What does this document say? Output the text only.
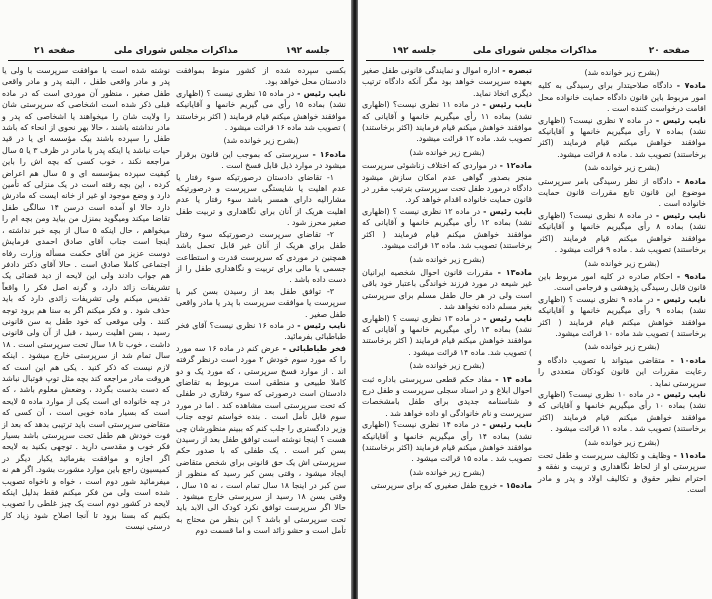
جلسه ۱۹۲
مذاکرات مجلس شورای ملی
صفحه ۲۱

بکسی سپرده شده از کشور منوط بموافقت دادستان محل خواهد بود.

نایب رئیس - در ماده ۱۵ نظری نیست ؟ (اظهاری نشد) بماده ۱۵ رأی می گیریم خانمها و آقایانیکه موافقند خواهش میکنم قیام فرمایند ( اکثر برخاستند ) تصویب شد ماده ۱۶ قرائت میشود .

(بشرح زیر خوانده شد)

ماده۱۶ - سرپرستی که بموجب این قانون برقرار میشود در موارد ذیل قابل فسخ است .

۱- تقاضای دادستان درصورتیکه سوء رفتار یا عدم اهلیت یا شایستگی سرپرست و درصورتیکه مشارالیه دارای همسر باشد سوء رفتار یا عدم اهلیت هریک از آنان برای نگاهداری و تربیت طفل صغیر محرز شود .

۲- تقاضای سرپرست درصورتیکه سوء رفتار طفل برای هریک از آنان غیر قابل تحمل باشد همچنین در موردی که سرپرست قدرت و استطاعت جسمی یا مالی برای تربیت و نگاهداری طفل را از دست داده باشد .

۳- توافق طفل بعد از رسیدن بسن کبر با سرپرست یا موافقت سرپرست با پدر یا مادر واقعی طفل صغیر .

نایب رئیس - در ماده ۱۶ نظری نیست؟ آقای فخر طباطبائی بفرمائید.

فخر طباطبائی - عرض کنم در ماده ۱۶ سه مورد را که مورد سوم خودش ۲ مورد است درنظر گرفته اند . از موارد فسخ سرپرستی ، که مورد یک و دو کاملا طبیعی و منطقی است مربوط به تقاضای دادستان است درصورتی که سوء رفتاری در طفلی که تحت سرپرستی است مشاهده کند . اما در مورد سوم قابل تأمل است . بنده خواستم توجه جناب وزیر دادگستری را جلب کنم که ببینم منظورشان چی هست ؟ اینجا نوشته است توافق طفل بعد از رسیدن بسن کبر است . یک طفلی که با صدور حکم سرپرستی اش یک حق قانونی برای شخص متقاضی ایجاد میشود ، وقتی بسن کبر رسید که منظور از سن کبر در اینجا ۱۸ سال تمام است ، نه ۱۵ سال ، وقتی بسن ۱۸ رسید از سرپرستی خارج میشود . حالا اگر سرپرست توافق نکرد کودک الی الابد باید تحت سرپرستی او باشد ؟ این بنظر من محتاج به تأمل است و حشو زائد است و اما قسمت دوم

نوشته شده است با موافقت سرپرست با ولی یا پدر و مادر واقعی طفل ، البته پدر و مادر واقعی طفل صغیر ، منظور آن موردی است که در ماده قبلی ذکر شده است اشخاصی که سرپرستی شان را ولایت شان را میخواهند یا اشخاصی که پدر و مادر نداشته باشند ، حالا بهر نحوی از انحاء که باشد طفل را سپرده باشند بیک مؤسسه ای یا در قید حیات نباشد یا اینکه پدر یا مادر در ظرف ۳ یا ۵ سال مراجعه نکند ، خوب کسی که بچه اش را باین کیفیت سپرده بمؤسسه ای و ۵ سال هم اعراض کرده ، این بچه رفته است در یک منزلی که تأمین دارد و وضع موجود او غیر از خانه ایست که مادرش دارد حالا او آمده است درسن ۱۴ سالگی طفل تقاضا میکند ومیگوید بمنزل من بیاید ومن بچه ام را میخواهم ، حال اینکه ۵ سال از بچه خبر نداشته ، اینجا است جناب آقای صادق احمدی فرمایش دوست عزیز من آقای حکمت مسأله وزارت رفاه اجتماعی کاملا صادق است . حالا آقای دکتر دادفر هم جواب دادند ولی این لایحه از دید قضائی یک تشریفات زائد دارد، و گرنه اصل فکر را واقعاً تقدیس میکنم ولی تشریفات زائدی دارد که باید حذف شود . و فکر میکنم اگر به سنا هم برود توجه کنند . ولی موقعی که خود طفل به سن قانونی رسید ، بسن اهلیت رسید ، قبل از آن ولی قانونی داشت ، خوب تا ۱۸ سال تحت سرپرستی است . ۱۸ سال تمام شد از سرپرستی خارج میشود . اینکه لازم نیست که ذکر کنید . یکی هم این است که هروقت مادر مراجعه کند بچه مثل توپ فوتبال نباشد که دست بدست بگردد ، وضعش معلوم باشد ، که در چه خانواده ای است یکی از موارد ماده ۵ لایحه است که بسیار ماده خوبی است ، آن کسی که متقاضی سرپرستی است باید ترتیبی بدهد که بعد از فوت خودش هم طفل تحت سرپرستی باشد بسیار فکر خوب و مقدسی دارید . توجهی بکنید به لایحه اگر اجازه و موافقت بفرمائید یکبار دیگر در کمیسیون راجع باین موارد مشورت بشود. اگر هم نه میفرمائید شور دوم است ، خواه و ناخواه تصویب شده است ولی من فکر میکنم فقط بدلیل اینکه لایحه در کشور دوم است یک چیز غلطی را تصویب بکنیم که بسنا برود تا آنجا اصلاح شود زیاد کار درستی نیست

صفحه ۲۰
مذاکرات مجلس شورای ملی
جلسه ۱۹۲

(بشرح زیر خوانده شد)

ماده۷ - دادگاه صلاحیتدار برای رسیدگی به کلیه امور مربوط باین قانون دادگاه حمایت خانواده محل اقامت درخواست کننده است .

نایب رئیس - در ماده ۷ نظری نیست؟ (اظهاری نشد) بماده ۷ رأی میگیریم خانمها و آقایانیکه موافقند خواهش میکنم قیام فرمایند (اکثر برخاستند) تصویب شد . ماده ۸ قرائت میشود.

(بشرح زیر خوانده شد)

ماده۸ - دادگاه از نظر رسیدگی بامر سرپرستی موضوع این قانون تابع مقررات قانون حمایت خانواده است .

نایب رئیس - در ماده ۸ نظری نیست؟ (اظهاری نشد) بماده ۸ رأی میگیریم خانمها و آقایانیکه موافقند خواهش میکنم قیام فرمایند (اکثر برخاستند) تصویب شد . ماده ۹ قرائت میشود .

(بشرح زیر خوانده شد)

ماده۹ - احکام صادره در کلیه امور مربوط باین قانون قابل رسیدگی پژوهشی و فرجامی است.

نایب رئیس - در ماده ۹ نظری نیست ؟ (اظهاری نشد) بماده ۹ رأی میگیریم خانمها و آقایانیکه موافقند خواهش میکنم قیام فرمایند ( اکثر برخاستند ) تصویب شد ماده ۱۰ قرائت میشود.

(بشرح زیر خوانده شد)

ماده۱۰ - متقاضی میتواند با تصویب دادگاه و رعایت مقررات این قانون کودکان متعددی را سرپرستی نماید .

نایب رئیس - در ماده ۱۰ نظری نیست؟ (اظهاری نشد) بماده ۱۰ رأی میگیریم خانمها و آقایانی که موافقند خواهش میکنم قیام فرمایند (اکثر برخاستند) تصویب شد . ماده ۱۱ قرائت میشود .

(بشرح زیر خوانده شد)

ماده۱۱ - وظایف و تکالیف سرپرست و طفل تحت سرپرستی او از لحاظ نگاهداری و تربیت و نفقه و احترام نظیر حقوق و تکالیف اولاد و پدر و مادر است.

تبصره - اداره اموال و نمایندگی قانونی طفل صغیر بعهده سرپرست خواهد بود مگر آنکه دادگاه ترتیب دیگری اتخاذ نماید.

نایب رئیس - در ماده ۱۱ نظری نیست؟ (اظهاری نشد) بماده ۱۱ رأی میگیریم خانمها و آقایانی که موافقند خواهش میکنم قیام فرمایند (اکثر برخاستند) تصویب شد. ماده ۱۲ قرائت میشود.

(بشرح زیر خوانده شد)

ماده۱۲ - در مواردی که اختلاف زناشوئی سرپرست منجر بصدور گواهی عدم امکان سازش میشود دادگاه درمورد طفل تحت سرپرستی بترتیب مقرر در قانون حمایت خانواده اقدام خواهد کرد.

نایب رئیس - در ماده ۱۲ نظری نیست ؟ (اظهاری نشد) بماده ۱۲ رأی میگیریم خانمها و آقایانی که موافقند خواهش میکنم قیام فرمایند ( اکثر برخاستند) تصویب شد. ماده ۱۳ قرائت میشود.

(بشرح زیر خوانده شد)

ماده۱۳ - مقررات قانون احوال شخصیه ایرانیان غیر شیعه در مورد فرزند خواندگی باعتبار خود باقی است ولی در هر حال طفل مسلم برای سرپرستی بغیر مسلم داده نخواهد شد .

نایب رئیس - در ماده ۱۳ نظری نیست ؟ (اظهاری نشد) بماده ۱۳ رأی میگیریم خانمها و آقایانی که موافقند خواهش میکنم قیام فرمایند ( اکثر برخاستند ) تصویب شد. ماده ۱۴ قرائت میشود .

(بشرح زیر خوانده شد)

ماده ۱۴ - مفاد حکم قطعی سرپرستی باداره ثبت احوال ابلاغ و در اسناد سجلی سرپرست و طفل درج و شناسنامه جدیدی برای طفل بامشخصات سرپرست و نام خانوادگی او داده خواهد شد .

نایب رئیس - در ماده ۱۴ نظری نیست؟ (اظهاری نشد) بماده ۱۴ رأی میگیریم خانمها و آقایانیکه موافقند خواهش میکنم قیام فرمایند (اکثر برخاستند) تصویب شد . ماده ۱۵ قرائت میشود .

(بشرح زیر خوانده شد)

ماده۱۵ - خروج طفل صغیری که برای سرپرستی
